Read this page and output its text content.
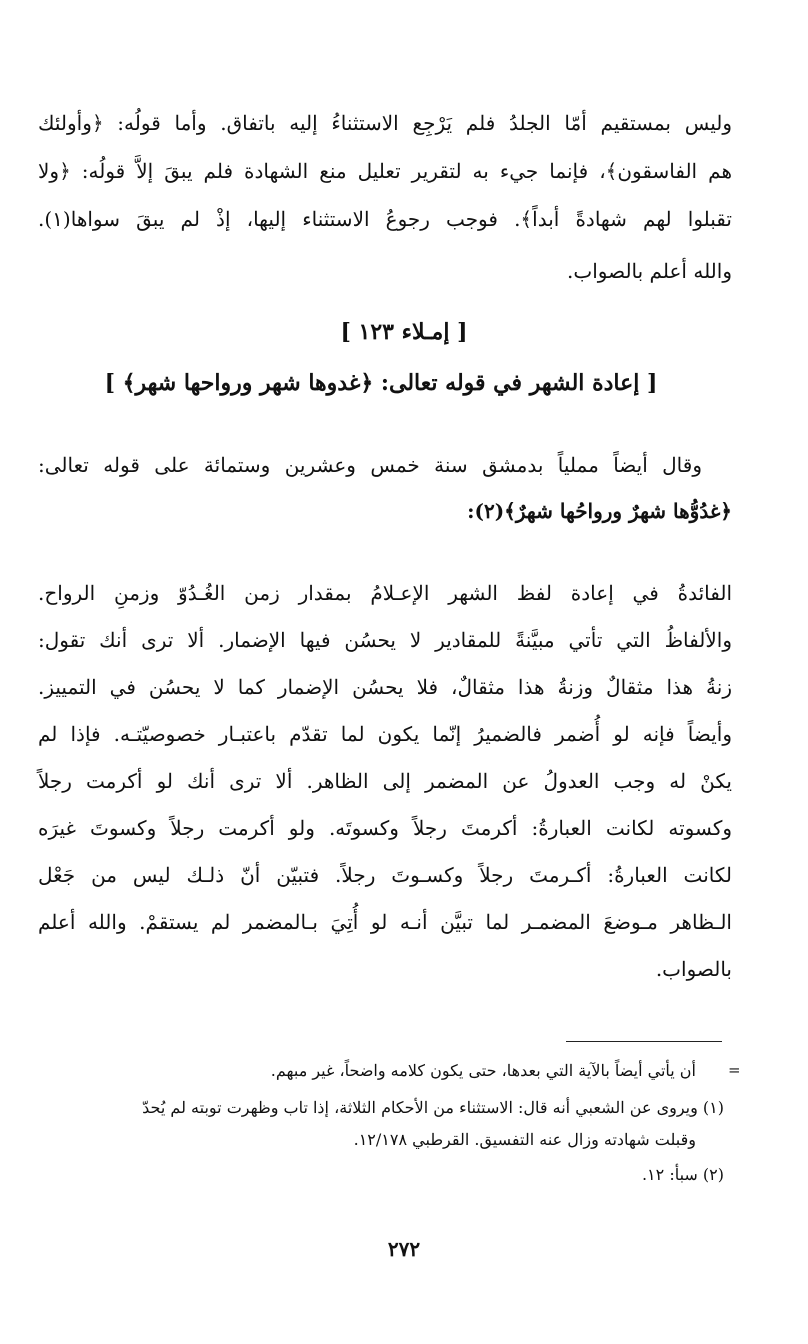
وليس بمستقيم أمّا الجلدُ فلم يَرْجِع الاستثناءُ إليه باتفاق. وأما قولُه: ﴿وأولئك
هم الفاسقون﴾، فإنما جيء به لتقرير تعليل منع الشهادة فلم يبقَ إلاَّ قولُه: ﴿ولا
تقبلوا لهم شهادةً أبداً﴾. فوجب رجوعُ الاستثناء إليها، إذْ لم يبقَ سواها(١).
والله أعلم بالصواب.
[ إمـلاء ١٢٣ ]
[ إعادة الشهر في قوله تعالى: ﴿غدوها شهر ورواحها شهر﴾ ]
وقال أيضاً مملياً بدمشق سنة خمس وعشرين وستمائة على قوله تعالى:
﴿غدُوُّها شهرٌ ورواحُها شهرٌ﴾(٢):
الفائدةُ في إعادة لفظ الشهر الإعـلامُ بمقدار زمن الغُـدُوّ وزمنِ الرواح.
والألفاظُ التي تأتي مبيَّنةً للمقادير لا يحسُن فيها الإضمار. ألا ترى أنك تقول:
زنةُ هذا مثقالٌ وزنةُ هذا مثقالٌ، فلا يحسُن الإضمار كما لا يحسُن في التمييز.
وأيضاً فإنه لو أُضمر فالضميرُ إنّما يكون لما تقدّم باعتبـار خصوصيّتـه. فإذا لم
يكنْ له وجب العدولُ عن المضمر إلى الظاهر. ألا ترى أنك لو أكرمت رجلاً
وكسوته لكانت العبارةُ: أكرمتَ رجلاً وكسوتَه. ولو أكرمت رجلاً وكسوتَ غيرَه
لكانت العبارةُ: أكـرمتَ رجلاً وكسـوتَ رجلاً. فتبيّن أنّ ذلـك ليس من جَعْل
الـظاهر مـوضعَ المضمـر لما تبيَّن أنـه لو أُتِيَ بـالمضمر لم يستقمْ. والله أعلم
بالصواب.
=
أن يأتي أيضاً بالآية التي بعدها، حتى يكون كلامه واضحاً، غير مبهم.
(١) ويروى عن الشعبي أنه قال: الاستثناء من الأحكام الثلاثة، إذا تاب وظهرت توبته لم يُحدّ
وقبلت شهادته وزال عنه التفسيق. القرطبي ١٢/١٧٨.
(٢) سبأ: ١٢.
٢٧٢
